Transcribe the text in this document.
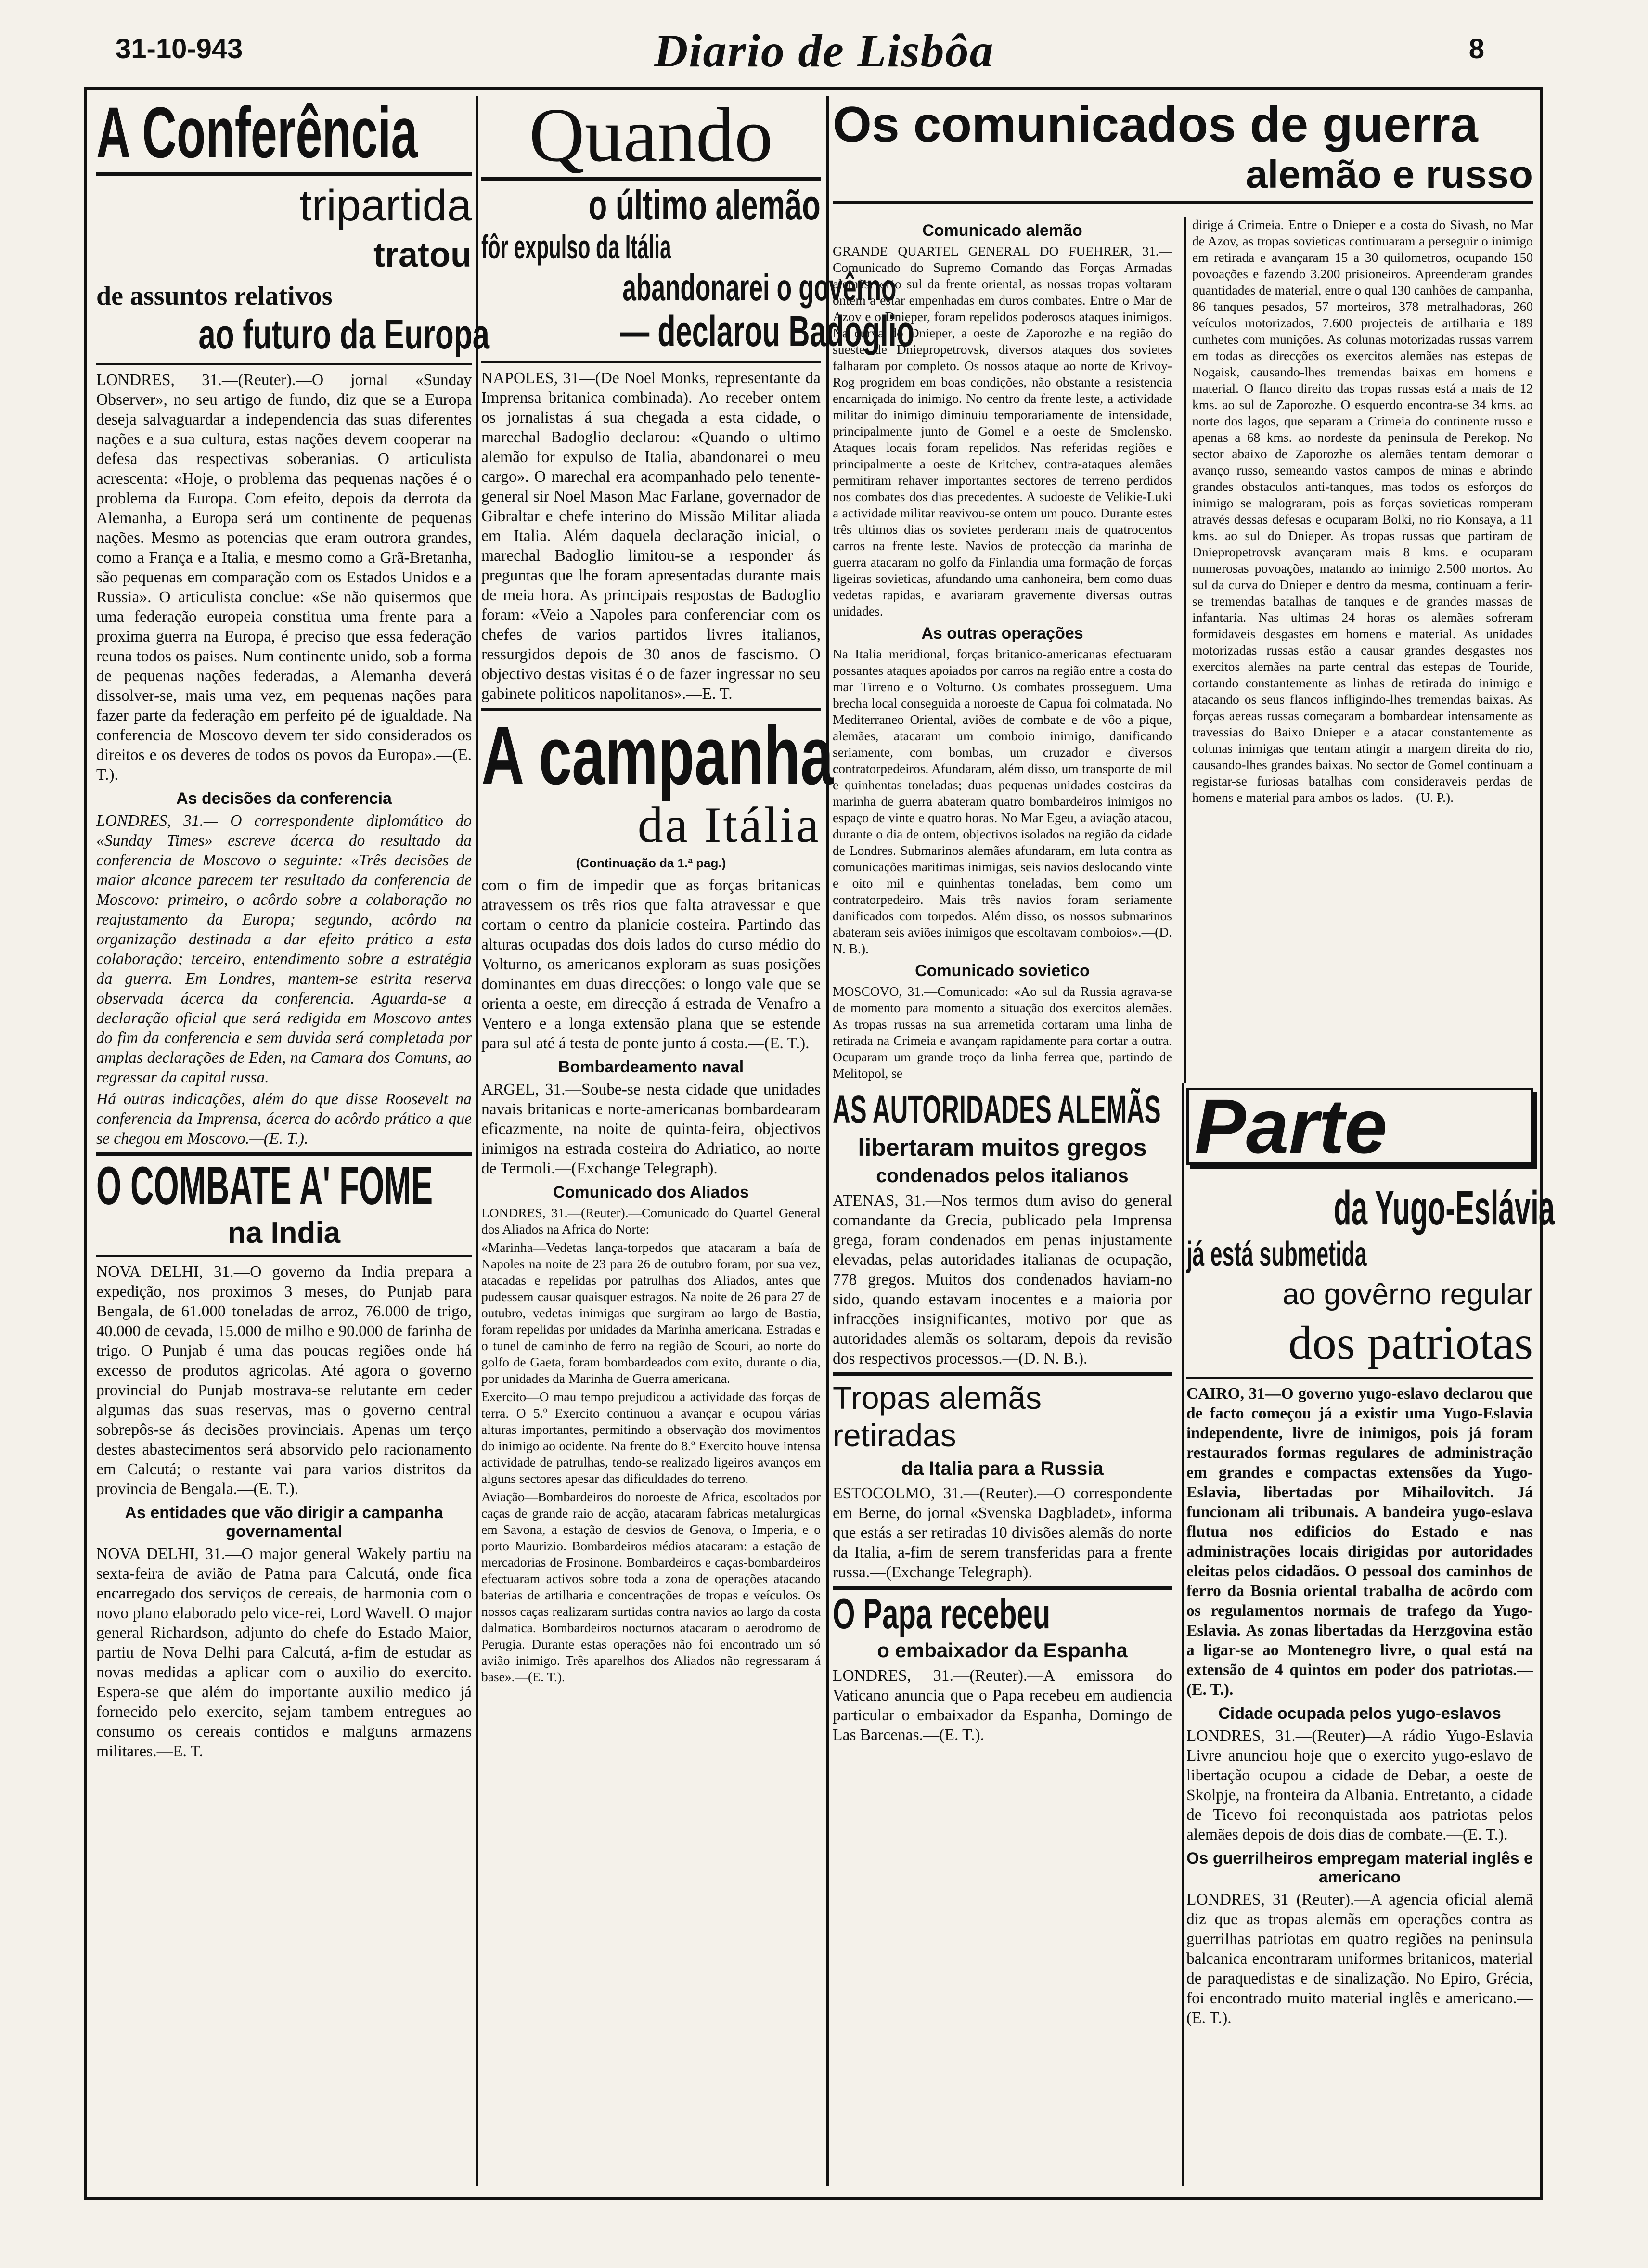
31-10-943	Diario de Lisbôa	8
A Conferência
tripartida
tratou
de assuntos relativos
ao futuro da Europa

LONDRES, 31.—(Reuter).—O jornal «Sunday Observer», no seu artigo de fundo, diz que se a Europa deseja salvaguardar a independencia das suas diferentes nações e a sua cultura, estas nações devem cooperar na defesa das respectivas soberanias. O articulista acrescenta: «Hoje, o problema das pequenas nações é o problema da Europa. Com efeito, depois da derrota da Alemanha, a Europa será um continente de pequenas nações. Mesmo as potencias que eram outrora grandes, como a França e a Italia, e mesmo como a Grã-Bretanha, são pequenas em comparação com os Estados Unidos e a Russia». O articulista conclue: «Se não quisermos que uma federação europeia constitua uma frente para a proxima guerra na Europa, é preciso que essa federação reuna todos os paises. Num continente unido, sob a forma de pequenas nações federadas, a Alemanha deverá dissolver-se, mais uma vez, em pequenas nações para fazer parte da federação em perfeito pé de igualdade. Na conferencia de Moscovo devem ter sido considerados os direitos e os deveres de todos os povos da Europa».—(E. T.).

As decisões da conferencia

LONDRES, 31.— O correspondente diplomático do «Sunday Times» escreve ácerca do resultado da conferencia de Moscovo o seguinte: «Três decisões de maior alcance parecem ter resultado da conferencia de Moscovo: primeiro, o acôrdo sobre a colaboração no reajustamento da Europa; segundo, acôrdo na organização destinada a dar efeito prático a esta colaboração; terceiro, entendimento sobre a estratégia da guerra. Em Londres, mantem-se estrita reserva observada ácerca da conferencia. Aguarda-se a declaração oficial que será redigida em Moscovo antes do fim da conferencia e sem duvida será completada por amplas declarações de Eden, na Camara dos Comuns, ao regressar da capital russa.

Há outras indicações, além do que disse Roosevelt na conferencia da Imprensa, ácerca do acôrdo prático a que se chegou em Moscovo.—(E. T.).

O COMBATE A' FOME
na India

NOVA DELHI, 31.—O governo da India prepara a expedição, nos proximos 3 meses, do Punjab para Bengala, de 61.000 toneladas de arroz, 76.000 de trigo, 40.000 de cevada, 15.000 de milho e 90.000 de farinha de trigo. O Punjab é uma das poucas regiões onde há excesso de produtos agricolas. Até agora o governo provincial do Punjab mostrava-se relutante em ceder algumas das suas reservas, mas o governo central sobrepôs-se ás decisões provinciais. Apenas um terço destes abastecimentos será absorvido pelo racionamento em Calcutá; o restante vai para varios distritos da provincia de Bengala.—(E. T.).

As entidades que vão dirigir a campanha governamental

NOVA DELHI, 31.—O major general Wakely partiu na sexta-feira de avião de Patna para Calcutá, onde fica encarregado dos serviços de cereais, de harmonia com o novo plano elaborado pelo vice-rei, Lord Wavell. O major general Richardson, adjunto do chefe do Estado Maior, partiu de Nova Delhi para Calcutá, a-fim de estudar as novas medidas a aplicar com o auxilio do exercito. Espera-se que além do importante auxilio medico já fornecido pelo exercito, sejam tambem entregues ao consumo os cereais contidos e malguns armazens militares.—E. T.

Quando
o último alemão
fôr expulso da Itália
abandonarei o govêrno
— declarou Badoglio

NAPOLES, 31—(De Noel Monks, representante da Imprensa britanica combinada). Ao receber ontem os jornalistas á sua chegada a esta cidade, o marechal Badoglio declarou: «Quando o ultimo alemão for expulso de Italia, abandonarei o meu cargo». O marechal era acompanhado pelo tenente-general sir Noel Mason Mac Farlane, governador de Gibraltar e chefe interino do Missão Militar aliada em Italia. Além daquela declaração inicial, o marechal Badoglio limitou-se a responder ás preguntas que lhe foram apresentadas durante mais de meia hora. As principais respostas de Badoglio foram: «Veio a Napoles para conferenciar com os chefes de varios partidos livres italianos, ressurgidos depois de 30 anos de fascismo. O objectivo destas visitas é o de fazer ingressar no seu gabinete politicos napolitanos».—E. T.

A campanha
da Itália
(Continuação da 1.ª pag.)

com o fim de impedir que as forças britanicas atravessem os três rios que falta atravessar e que cortam o centro da planicie costeira. Partindo das alturas ocupadas dos dois lados do curso médio do Volturno, os americanos exploram as suas posições dominantes em duas direcções: o longo vale que se orienta a oeste, em direcção á estrada de Venafro a Ventero e a longa extensão plana que se estende para sul até á testa de ponte junto á costa.—(E. T.).

Bombardeamento naval

ARGEL, 31.—Soube-se nesta cidade que unidades navais britanicas e norte-americanas bombardearam eficazmente, na noite de quinta-feira, objectivos inimigos na estrada costeira do Adriatico, ao norte de Termoli.—(Exchange Telegraph).

Comunicado dos Aliados

LONDRES, 31.—(Reuter).—Comunicado do Quartel General dos Aliados na Africa do Norte:

«Marinha—Vedetas lança-torpedos que atacaram a baía de Napoles na noite de 23 para 26 de outubro foram, por sua vez, atacadas e repelidas por patrulhas dos Aliados, antes que pudessem causar quaisquer estragos. Na noite de 26 para 27 de outubro, vedetas inimigas que surgiram ao largo de Bastia, foram repelidas por unidades da Marinha americana. Estradas e o tunel de caminho de ferro na região de Scouri, ao norte do golfo de Gaeta, foram bombardeados com exito, durante o dia, por unidades da Marinha de Guerra americana.

Exercito—O mau tempo prejudicou a actividade das forças de terra. O 5.º Exercito continuou a avançar e ocupou várias alturas importantes, permitindo a observação dos movimentos do inimigo ao ocidente. Na frente do 8.º Exercito houve intensa actividade de patrulhas, tendo-se realizado ligeiros avanços em alguns sectores apesar das dificuldades do terreno.

Aviação—Bombardeiros do noroeste de Africa, escoltados por caças de grande raio de acção, atacaram fabricas metalurgicas em Savona, a estação de desvios de Genova, o Imperia, e o porto Maurizio. Bombardeiros médios atacaram: a estação de mercadorias de Frosinone. Bombardeiros e caças-bombardeiros efectuaram activos sobre toda a zona de operações atacando baterias de artilharia e concentrações de tropas e veículos. Os nossos caças realizaram surtidas contra navios ao largo da costa dalmatica. Bombardeiros nocturnos atacaram o aerodromo de Perugia. Durante estas operações não foi encontrado um só avião inimigo. Três aparelhos dos Aliados não regressaram á base».—(E. T.).

Os comunicados de guerra
alemão e russo
Comunicado alemão

GRANDE QUARTEL GENERAL DO FUEHRER, 31.—Comunicado do Supremo Comando das Forças Armadas alemãs: «No sul da frente oriental, as nossas tropas voltaram ontem a estar empenhadas em duros combates. Entre o Mar de Azov e o Dnieper, foram repelidos poderosos ataques inimigos. Na curva do Dnieper, a oeste de Zaporozhe e na região do sueste de Dniepropetrovsk, diversos ataques dos sovietes falharam por completo. Os nossos ataque ao norte de Krivoy-Rog progridem em boas condições, não obstante a resistencia encarniçada do inimigo. No centro da frente leste, a actividade militar do inimigo diminuiu temporariamente de intensidade, principalmente junto de Gomel e a oeste de Smolensko. Ataques locais foram repelidos. Nas referidas regiões e principalmente a oeste de Kritchev, contra-ataques alemães permitiram rehaver importantes sectores de terreno perdidos nos combates dos dias precedentes. A sudoeste de Velikie-Luki a actividade militar reavivou-se ontem um pouco. Durante estes três ultimos dias os sovietes perderam mais de quatrocentos carros na frente leste. Navios de protecção da marinha de guerra atacaram no golfo da Finlandia uma formação de forças ligeiras sovieticas, afundando uma canhoneira, bem como duas vedetas rapidas, e avariaram gravemente diversas outras unidades.

As outras operações

Na Italia meridional, forças britanico-americanas efectuaram possantes ataques apoiados por carros na região entre a costa do mar Tirreno e o Volturno. Os combates prosseguem. Uma brecha local conseguida a noroeste de Capua foi colmatada. No Mediterraneo Oriental, aviões de combate e de vôo a pique, alemães, atacaram um comboio inimigo, danificando seriamente, com bombas, um cruzador e diversos contratorpedeiros. Afundaram, além disso, um transporte de mil e quinhentas toneladas; duas pequenas unidades costeiras da marinha de guerra abateram quatro bombardeiros inimigos no espaço de vinte e quatro horas. No Mar Egeu, a aviação atacou, durante o dia de ontem, objectivos isolados na região da cidade de Londres. Submarinos alemães afundaram, em luta contra as comunicações maritimas inimigas, seis navios deslocando vinte e oito mil e quinhentas toneladas, bem como um contratorpedeiro. Mais três navios foram seriamente danificados com torpedos. Além disso, os nossos submarinos abateram seis aviões inimigos que escoltavam comboios».—(D. N. B.).

Comunicado sovietico

MOSCOVO, 31.—Comunicado: «Ao sul da Russia agrava-se de momento para momento a situação dos exercitos alemães. As tropas russas na sua arremetida cortaram uma linha de retirada na Crimeia e avançam rapidamente para cortar a outra. Ocuparam um grande troço da linha ferrea que, partindo de Melitopol, se

dirige á Crimeia. Entre o Dnieper e a costa do Sivash, no Mar de Azov, as tropas sovieticas continuaram a perseguir o inimigo em retirada e avançaram 15 a 30 quilometros, ocupando 150 povoações e fazendo 3.200 prisioneiros. Apreenderam grandes quantidades de material, entre o qual 130 canhões de campanha, 86 tanques pesados, 57 morteiros, 378 metralhadoras, 260 veículos motorizados, 7.600 projecteis de artilharia e 189 cunhetes com munições. As colunas motorizadas russas varrem em todas as direcções os exercitos alemães nas estepas de Nogaisk, causando-lhes tremendas baixas em homens e material. O flanco direito das tropas russas está a mais de 12 kms. ao sul de Zaporozhe. O esquerdo encontra-se 34 kms. ao norte dos lagos, que separam a Crimeia do continente russo e apenas a 68 kms. ao nordeste da peninsula de Perekop. No sector abaixo de Zaporozhe os alemães tentam demorar o avanço russo, semeando vastos campos de minas e abrindo grandes obstaculos anti-tanques, mas todos os esforços do inimigo se malograram, pois as forças sovieticas romperam através dessas defesas e ocuparam Bolki, no rio Konsaya, a 11 kms. ao sul do Dnieper. As tropas russas que partiram de Dniepropetrovsk avançaram mais 8 kms. e ocuparam numerosas povoações, matando ao inimigo 2.500 mortos. Ao sul da curva do Dnieper e dentro da mesma, continuam a ferir-se tremendas batalhas de tanques e de grandes massas de infantaria. Nas ultimas 24 horas os alemães sofreram formidaveis desgastes em homens e material. As unidades motorizadas russas estão a causar grandes desgastes nos exercitos alemães na parte central das estepas de Touride, cortando constantemente as linhas de retirada do inimigo e atacando os seus flancos infligindo-lhes tremendas baixas. As forças aereas russas começaram a bombardear intensamente as travessias do Baixo Dnieper e a atacar constantemente as colunas inimigas que tentam atingir a margem direita do rio, causando-lhes grandes baixas. No sector de Gomel continuam a registar-se furiosas batalhas com consideraveis perdas de homens e material para ambos os lados.—(U. P.).

AS AUTORIDADES ALEMÃS
libertaram muitos gregos
condenados pelos italianos

ATENAS, 31.—Nos termos dum aviso do general comandante da Grecia, publicado pela Imprensa grega, foram condenados em penas injustamente elevadas, pelas autoridades italianas de ocupação, 778 gregos. Muitos dos condenados haviam-no sido, quando estavam inocentes e a maioria por infracções insignificantes, motivo por que as autoridades alemãs os soltaram, depois da revisão dos respectivos processos.—(D. N. B.).

Tropas alemãs retiradas
da Italia para a Russia

ESTOCOLMO, 31.—(Reuter).—O correspondente em Berne, do jornal «Svenska Dagbladet», informa que estás a ser retiradas 10 divisões alemãs do norte da Italia, a-fim de serem transferidas para a frente russa.—(Exchange Telegraph).

O Papa recebeu
o embaixador da Espanha

LONDRES, 31.—(Reuter).—A emissora do Vaticano anuncia que o Papa recebeu em audiencia particular o embaixador da Espanha, Domingo de Las Barcenas.—(E. T.).

Parte
da Yugo-Eslávia
já está submetida
ao govêrno regular
dos patriotas

CAIRO, 31—O governo yugo-eslavo declarou que de facto começou já a existir uma Yugo-Eslavia independente, livre de inimigos, pois já foram restaurados formas regulares de administração em grandes e compactas extensões da Yugo-Eslavia, libertadas por Mihailovitch. Já funcionam ali tribunais. A bandeira yugo-eslava flutua nos edificios do Estado e nas administrações locais dirigidas por autoridades eleitas pelos cidadãos. O pessoal dos caminhos de ferro da Bosnia oriental trabalha de acôrdo com os regulamentos normais de trafego da Yugo-Eslavia. As zonas libertadas da Herzgovina estão a ligar-se ao Montenegro livre, o qual está na extensão de 4 quintos em poder dos patriotas.—(E. T.).

Cidade ocupada pelos yugo-eslavos

LONDRES, 31.—(Reuter)—A rádio Yugo-Eslavia Livre anunciou hoje que o exercito yugo-eslavo de libertação ocupou a cidade de Debar, a oeste de Skolpje, na fronteira da Albania. Entretanto, a cidade de Ticevo foi reconquistada aos patriotas pelos alemães depois de dois dias de combate.—(E. T.).

Os guerrilheiros empregam material inglês e americano

LONDRES, 31 (Reuter).—A agencia oficial alemã diz que as tropas alemãs em operações contra as guerrilhas patriotas em quatro regiões na peninsula balcanica encontraram uniformes britanicos, material de paraquedistas e de sinalização. No Epiro, Grécia, foi encontrado muito material inglês e americano.—(E. T.).
